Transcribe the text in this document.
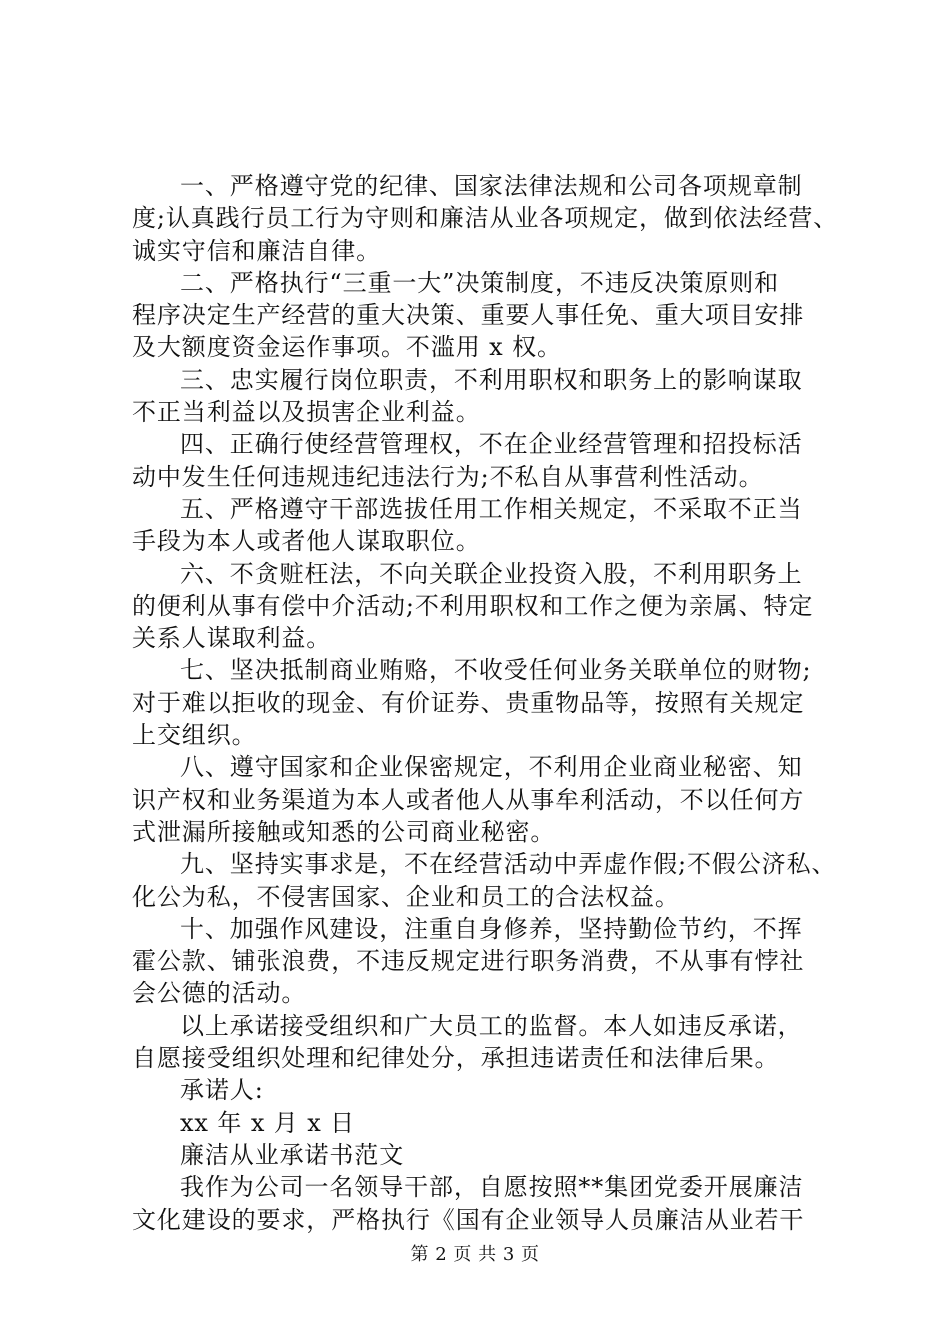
一、严格遵守党的纪律、国家法律法规和公司各项规章制
度;认真践行员工行为守则和廉洁从业各项规定，做到依法经营、
诚实守信和廉洁自律。
二、严格执行“三重一大”决策制度，不违反决策原则和
程序决定生产经营的重大决策、重要人事任免、重大项目安排
及大额度资金运作事项。不滥用 x 权。
三、忠实履行岗位职责，不利用职权和职务上的影响谋取
不正当利益以及损害企业利益。
四、正确行使经营管理权，不在企业经营管理和招投标活
动中发生任何违规违纪违法行为;不私自从事营利性活动。
五、严格遵守干部选拔任用工作相关规定，不采取不正当
手段为本人或者他人谋取职位。
六、不贪赃枉法，不向关联企业投资入股，不利用职务上
的便利从事有偿中介活动;不利用职权和工作之便为亲属、特定
关系人谋取利益。
七、坚决抵制商业贿赂，不收受任何业务关联单位的财物;
对于难以拒收的现金、有价证券、贵重物品等，按照有关规定
上交组织。
八、遵守国家和企业保密规定，不利用企业商业秘密、知
识产权和业务渠道为本人或者他人从事牟利活动，不以任何方
式泄漏所接触或知悉的公司商业秘密。
九、坚持实事求是，不在经营活动中弄虚作假;不假公济私、
化公为私，不侵害国家、企业和员工的合法权益。
十、加强作风建设，注重自身修养，坚持勤俭节约，不挥
霍公款、铺张浪费，不违反规定进行职务消费，不从事有悖社
会公德的活动。
以上承诺接受组织和广大员工的监督。本人如违反承诺，
自愿接受组织处理和纪律处分，承担违诺责任和法律后果。
承诺人:
xx 年 x 月 x 日
廉洁从业承诺书范文
我作为公司一名领导干部，自愿按照**集团党委开展廉洁
文化建设的要求，严格执行《国有企业领导人员廉洁从业若干
第 2 页 共 3 页
